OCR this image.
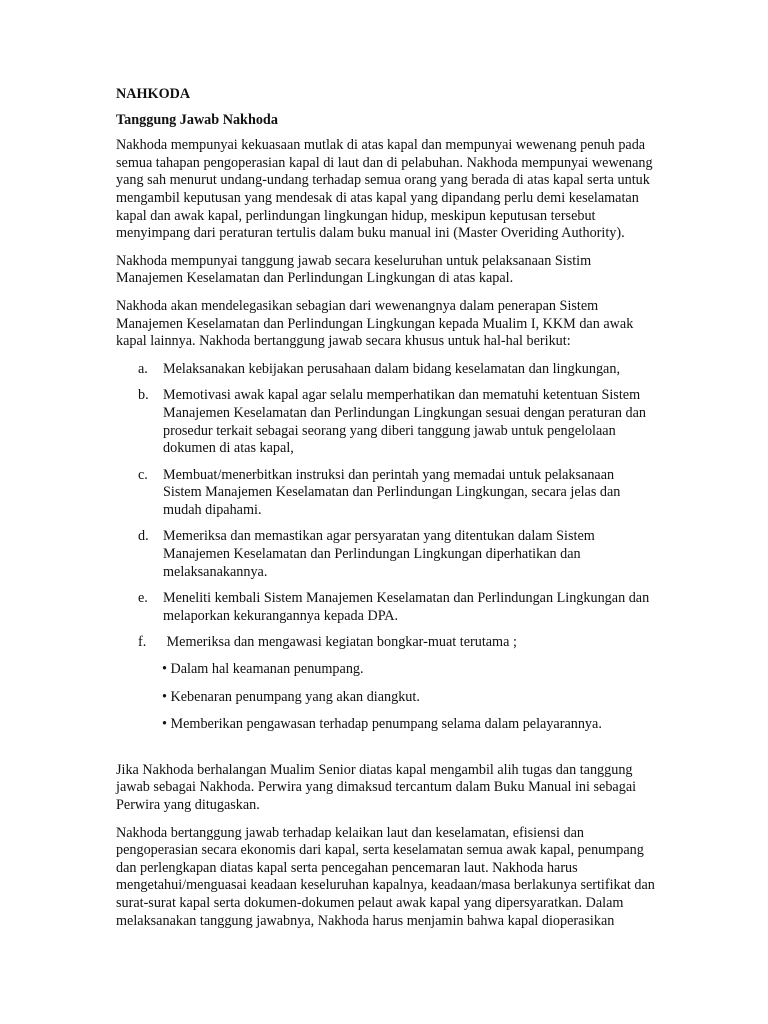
NAHKODA
Tanggung Jawab Nakhoda

Nakhoda mempunyai kekuasaan mutlak di atas kapal dan mempunyai wewenang penuh pada semua tahapan pengoperasian kapal di laut dan di pelabuhan. Nakhoda mempunyai wewenang yang sah menurut undang-undang terhadap semua orang yang berada di atas kapal serta untuk mengambil keputusan yang mendesak di atas kapal yang dipandang perlu demi keselamatan kapal dan awak kapal, perlindungan lingkungan hidup, meskipun keputusan tersebut menyimpang dari peraturan tertulis dalam buku manual ini (Master Overiding Authority).

Nakhoda mempunyai tanggung jawab secara keseluruhan untuk pelaksanaan Sistim Manajemen Keselamatan dan Perlindungan Lingkungan di atas kapal.

Nakhoda akan mendelegasikan sebagian dari wewenangnya dalam penerapan Sistem Manajemen Keselamatan dan Perlindungan Lingkungan kepada Mualim I, KKM dan awak kapal lainnya. Nakhoda bertanggung jawab secara khusus untuk hal-hal berikut:

a. Melaksanakan kebijakan perusahaan dalam bidang keselamatan dan lingkungan,
b. Memotivasi awak kapal agar selalu memperhatikan dan mematuhi ketentuan Sistem Manajemen Keselamatan dan Perlindungan Lingkungan sesuai dengan peraturan dan prosedur terkait sebagai seorang yang diberi tanggung jawab untuk pengelolaan dokumen di atas kapal,
c. Membuat/menerbitkan instruksi dan perintah yang memadai untuk pelaksanaan Sistem Manajemen Keselamatan dan Perlindungan Lingkungan, secara jelas dan mudah dipahami.
d. Memeriksa dan memastikan agar persyaratan yang ditentukan dalam Sistem Manajemen Keselamatan dan Perlindungan Lingkungan diperhatikan dan melaksanakannya.
e. Meneliti kembali Sistem Manajemen Keselamatan dan Perlindungan Lingkungan dan melaporkan kekurangannya kepada DPA.
f. Memeriksa dan mengawasi kegiatan bongkar-muat terutama ;
• Dalam hal keamanan penumpang.
• Kebenaran penumpang yang akan diangkut.
• Memberikan pengawasan terhadap penumpang selama dalam pelayarannya.

Jika Nakhoda berhalangan Mualim Senior diatas kapal mengambil alih tugas dan tanggung jawab sebagai Nakhoda. Perwira yang dimaksud tercantum dalam Buku Manual ini sebagai Perwira yang ditugaskan.

Nakhoda bertanggung jawab terhadap kelaikan laut dan keselamatan, efisiensi dan pengoperasian secara ekonomis dari kapal, serta keselamatan semua awak kapal, penumpang dan perlengkapan diatas kapal serta pencegahan pencemaran laut. Nakhoda harus mengetahui/menguasai keadaan keseluruhan kapalnya, keadaan/masa berlakunya sertifikat dan surat-surat kapal serta dokumen-dokumen pelaut awak kapal yang dipersyaratkan. Dalam melaksanakan tanggung jawabnya, Nakhoda harus menjamin bahwa kapal dioperasikan
